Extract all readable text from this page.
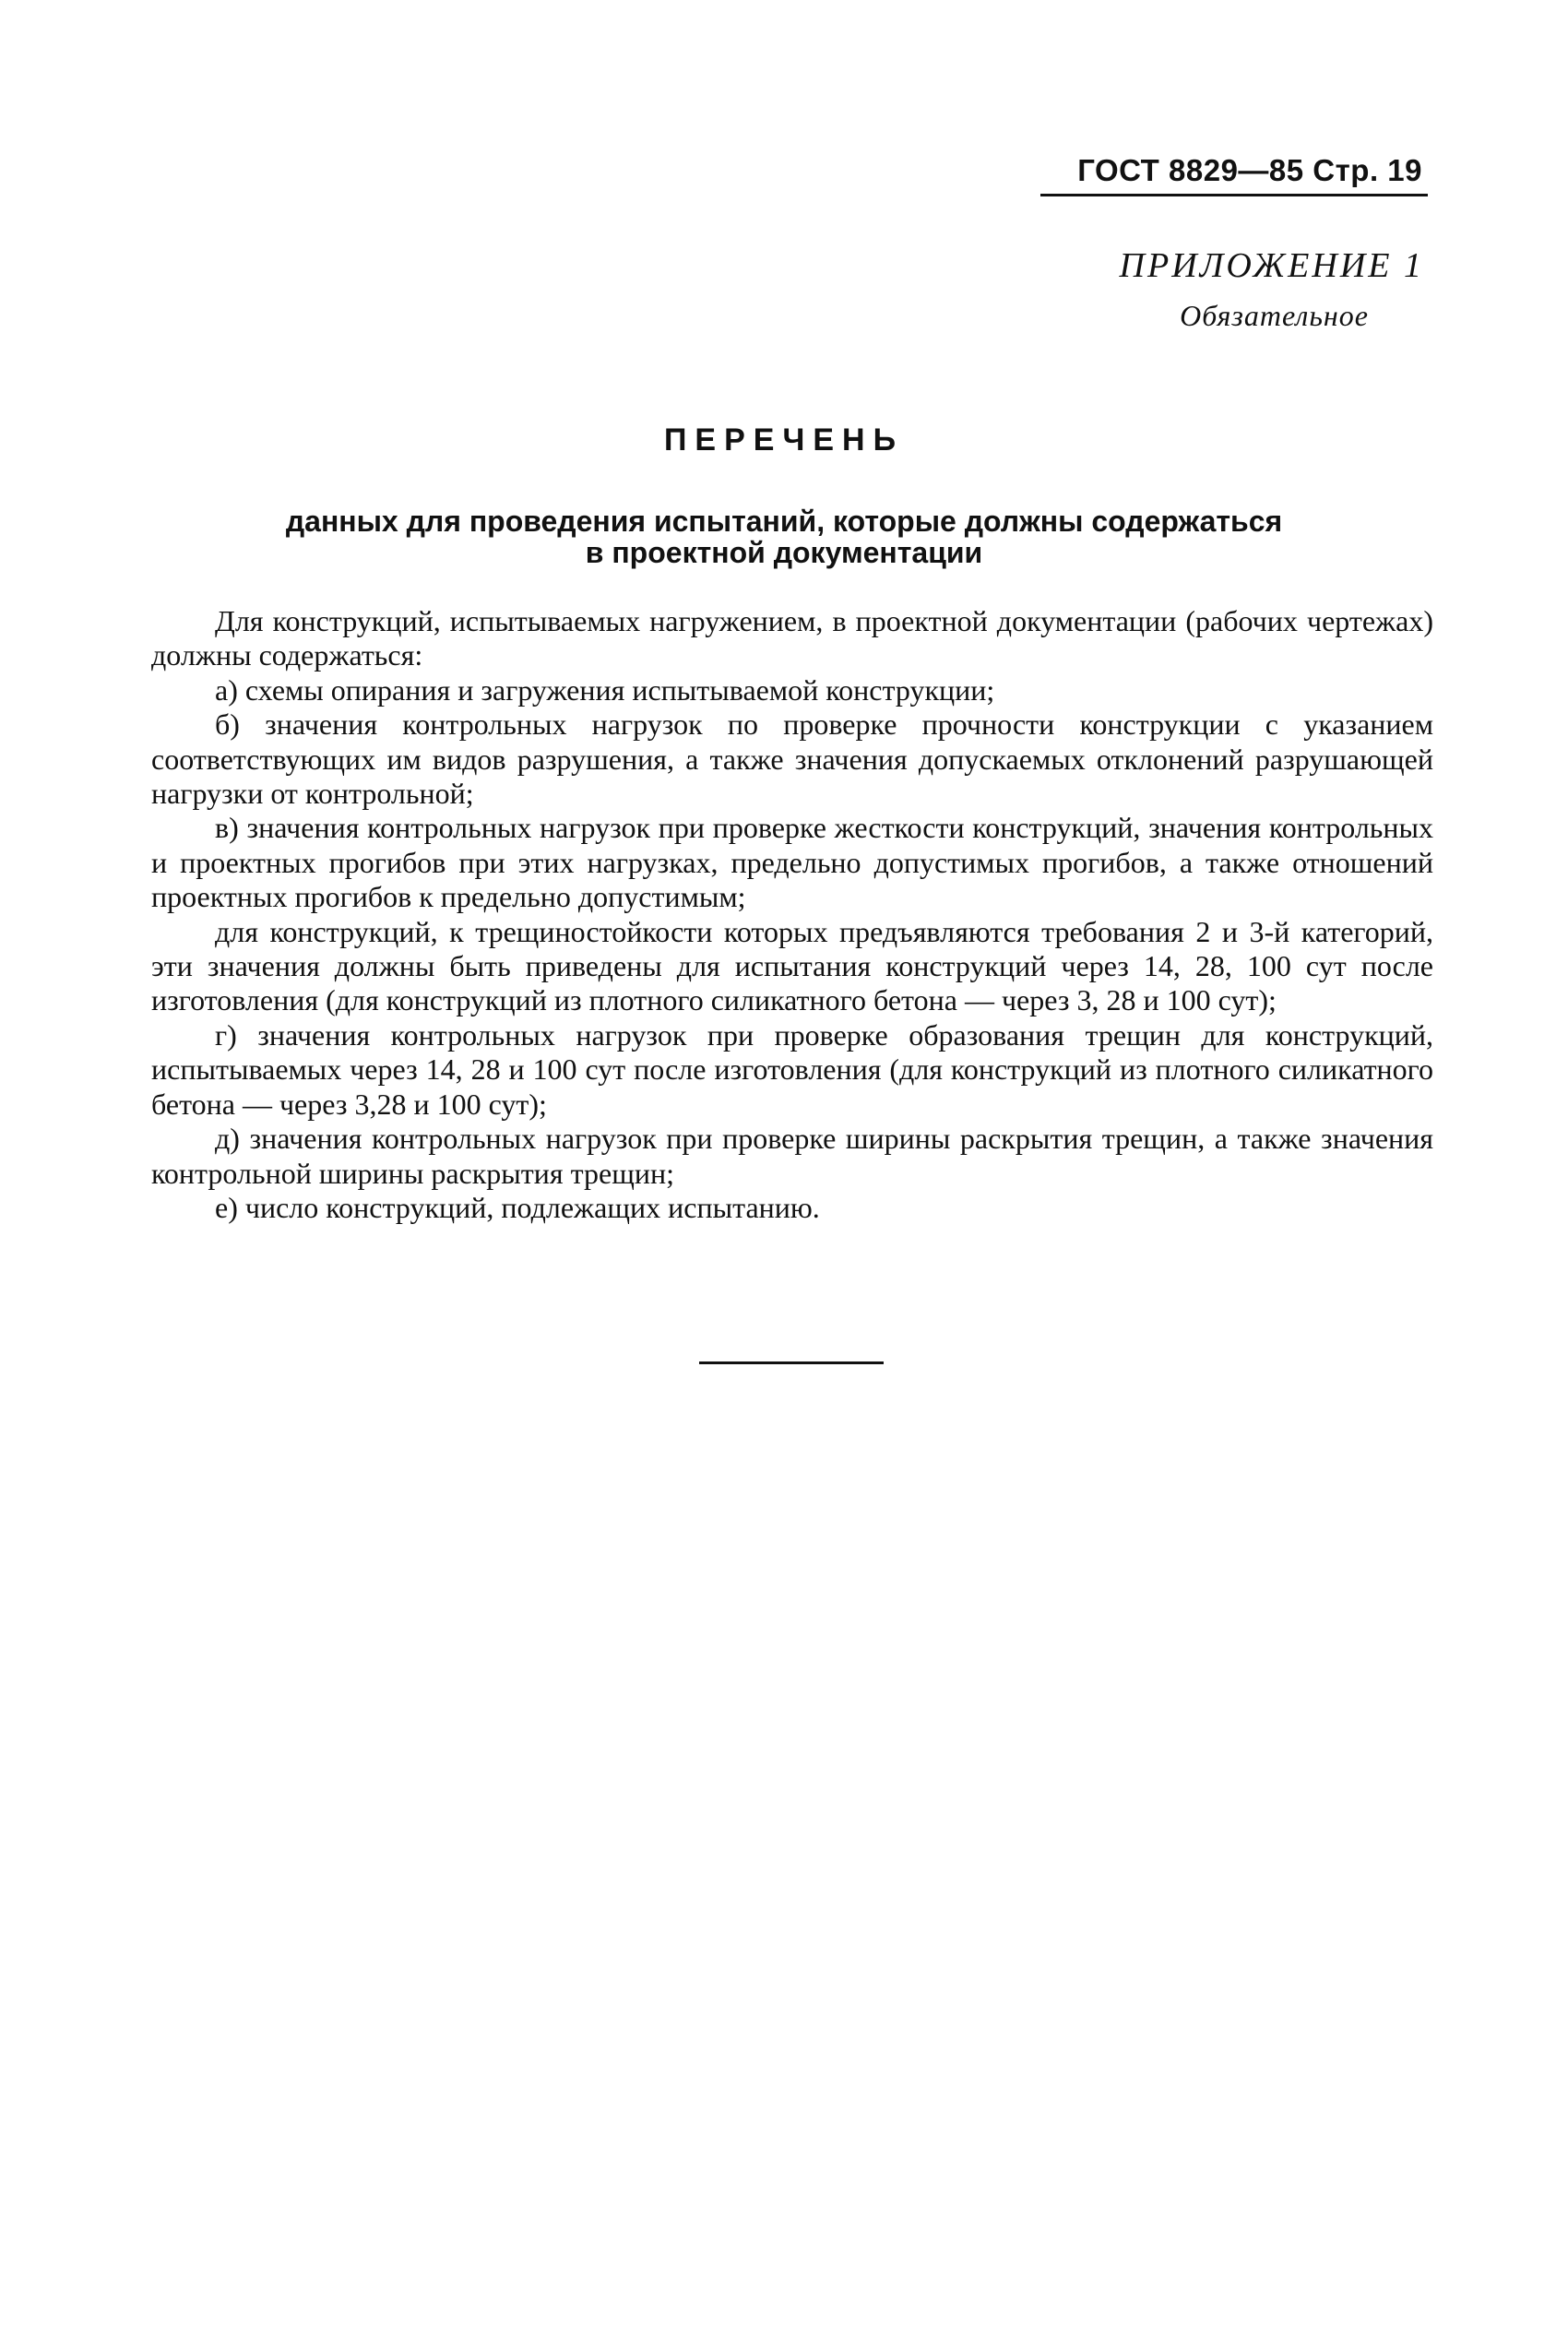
ГОСТ 8829—85 Стр. 19
ПРИЛОЖЕНИЕ 1
Обязательное
ПЕРЕЧЕНЬ
данных для проведения испытаний, которые должны содержаться
в проектной документации

Для конструкций, испытываемых нагружением, в проектной документации (рабочих чертежах) должны содержаться:

а) схемы опирания и загружения испытываемой конструкции;

б) значения контрольных нагрузок по проверке прочности конструкции с указанием соответствующих им видов разрушения, а также значения допускаемых отклонений разрушающей нагрузки от контрольной;

в) значения контрольных нагрузок при проверке жесткости конструкций, значения контрольных и проектных прогибов при этих нагрузках, предельно допустимых прогибов, а также отношений проектных прогибов к предельно допустимым;

для конструкций, к трещиностойкости которых предъявляются требования 2 и 3-й категорий, эти значения должны быть приведены для испытания конструкций через 14, 28, 100 сут после изготовления (для конструкций из плотного силикатного бетона — через 3, 28 и 100 сут);

г) значения контрольных нагрузок при проверке образования трещин для конструкций, испытываемых через 14, 28 и 100 сут после изготовления (для конструкций из плотного силикатного бетона — через 3,28 и 100 сут);

д) значения контрольных нагрузок при проверке ширины раскрытия трещин, а также значения контрольной ширины раскрытия трещин;

е) число конструкций, подлежащих испытанию.
